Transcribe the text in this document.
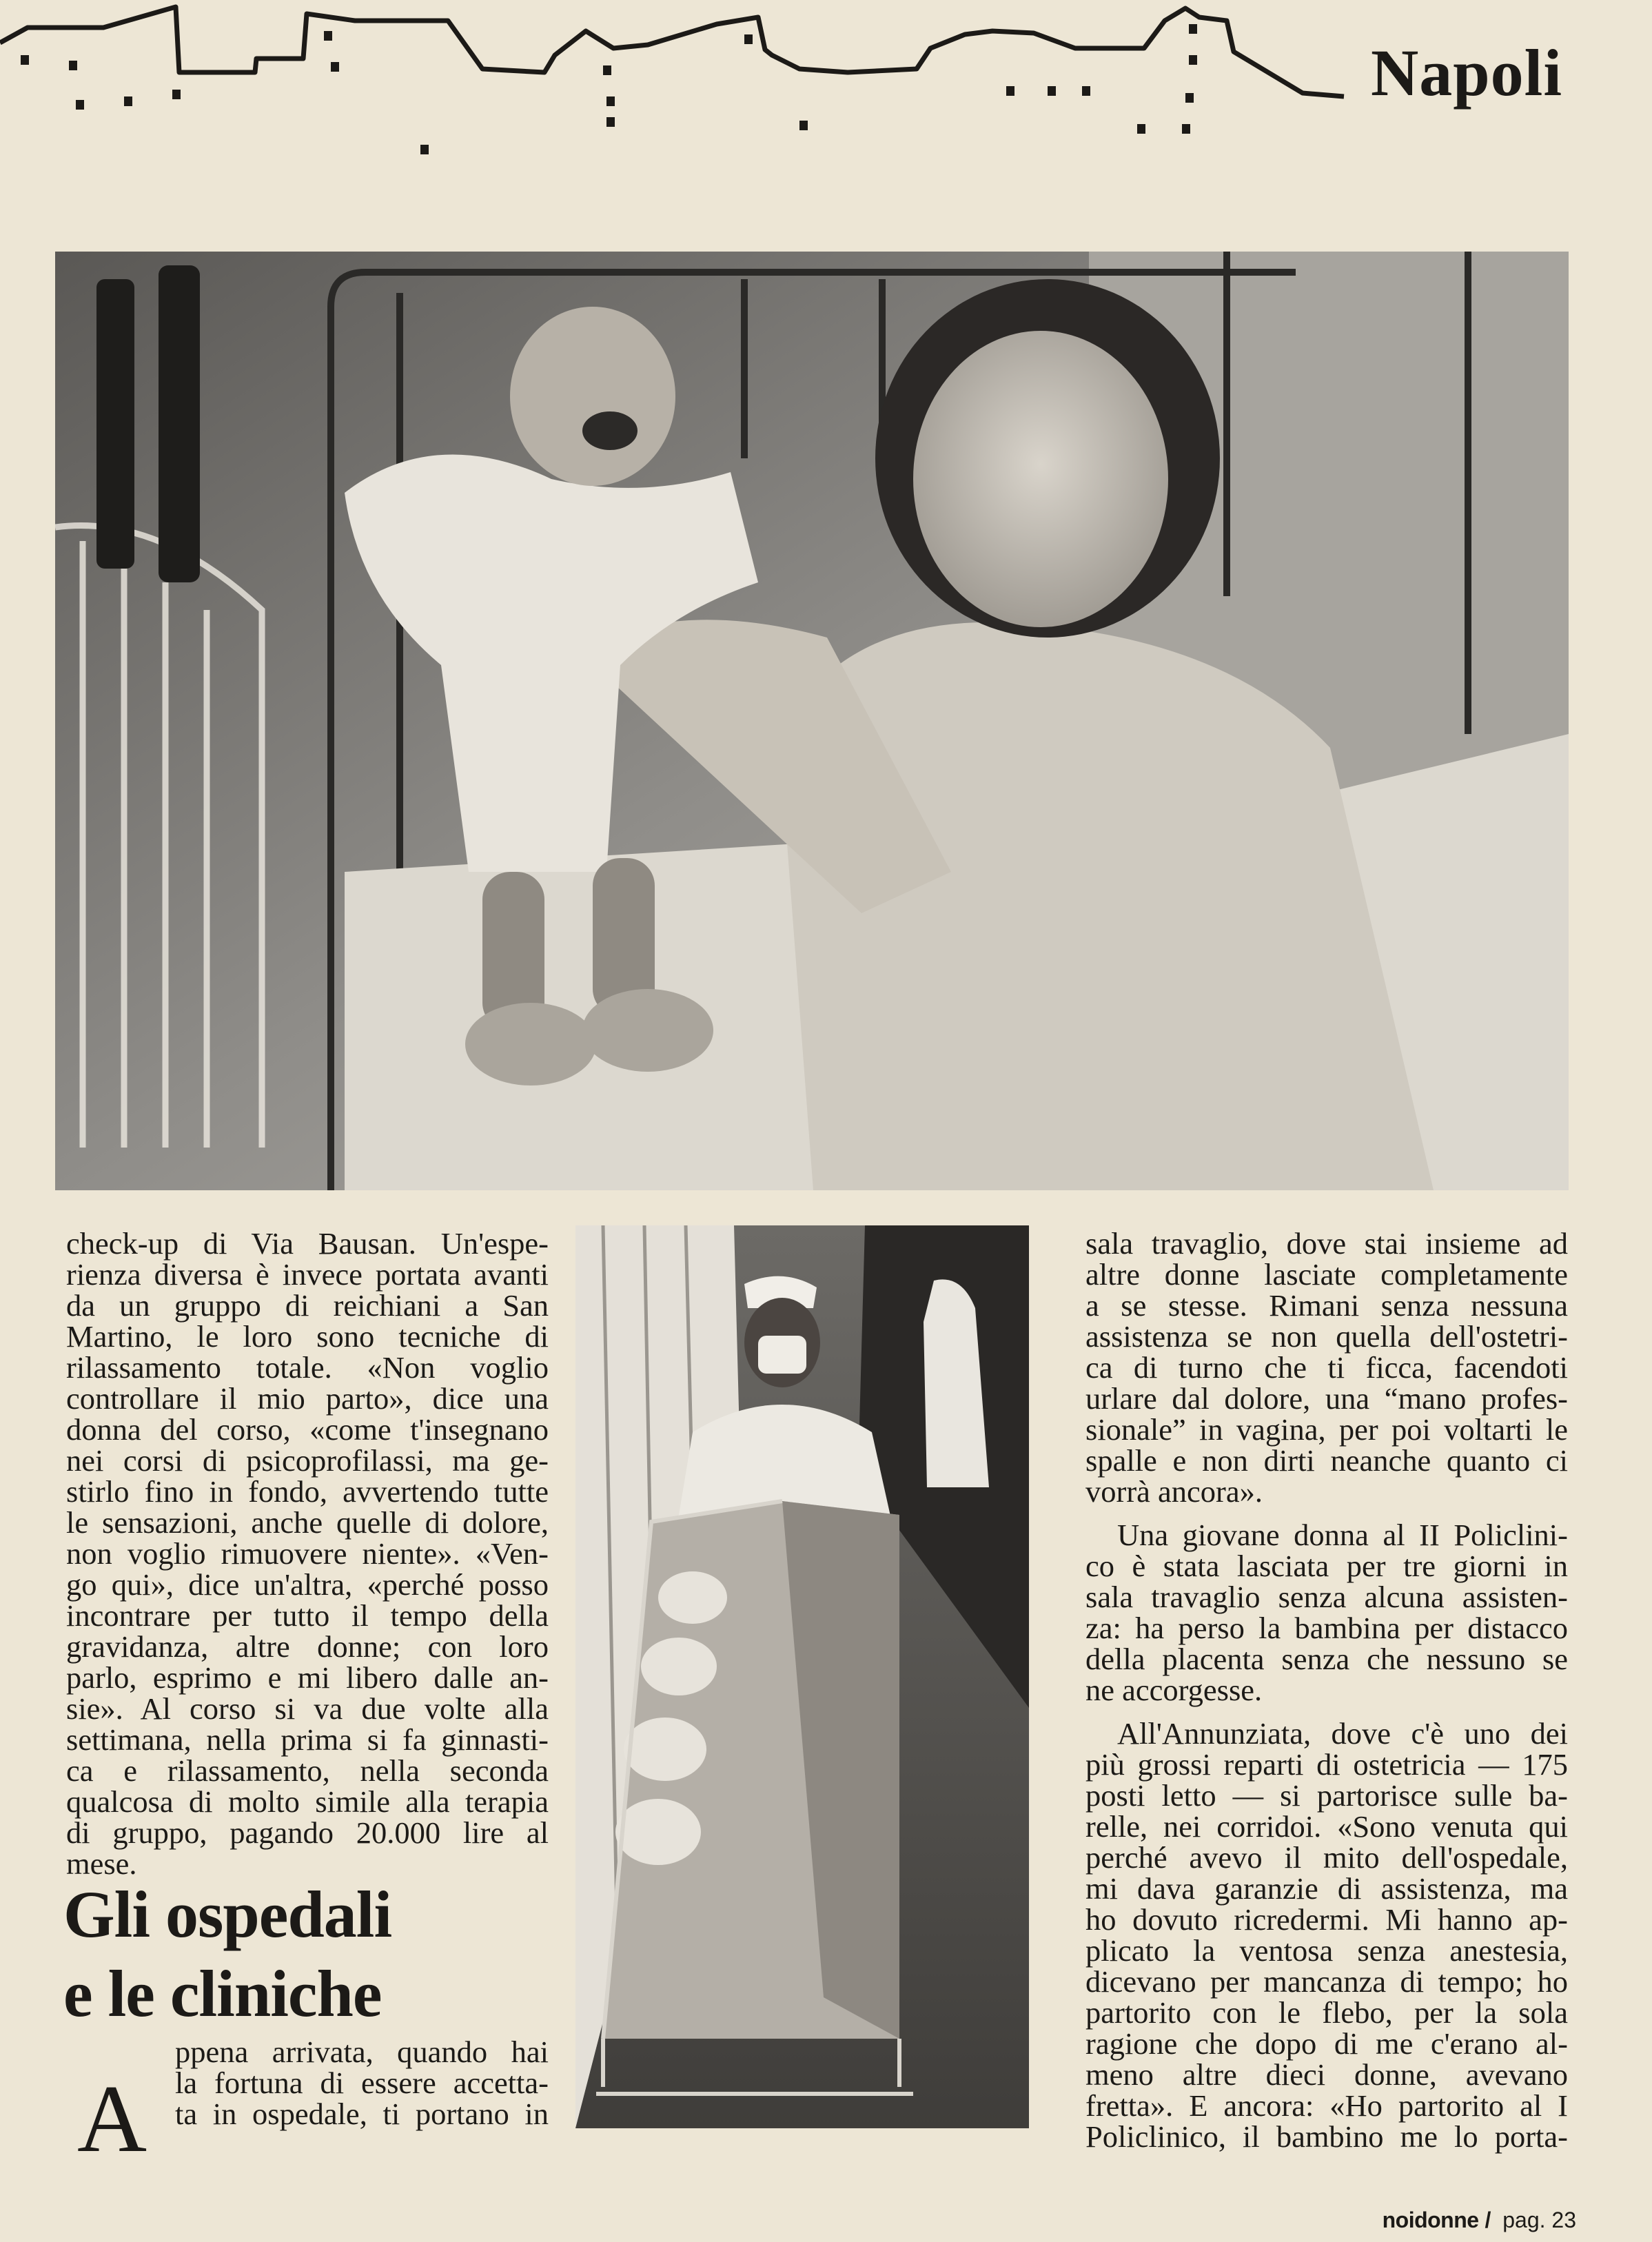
Napoli
check-up di Via Bausan. Un'espe-
rienza diversa è invece portata avanti
da un gruppo di reichiani a San
Martino, le loro sono tecniche di
rilassamento totale. «Non voglio
controllare il mio parto», dice una
donna del corso, «come t'insegnano
nei corsi di psicoprofilassi, ma ge-
stirlo fino in fondo, avvertendo tutte
le sensazioni, anche quelle di dolore,
non voglio rimuovere niente». «Ven-
go qui», dice un'altra, «perché posso
incontrare per tutto il tempo della
gravidanza, altre donne; con loro
parlo, esprimo e mi libero dalle an-
sie». Al corso si va due volte alla
settimana, nella prima si fa ginnasti-
ca e rilassamento, nella seconda
qualcosa di molto simile alla terapia
di gruppo, pagando 20.000 lire al
mese.
Gli ospedali
e le cliniche
A
ppena arrivata, quando hai
la fortuna di essere accetta-
ta in ospedale, ti portano in
sala travaglio, dove stai insieme ad
altre donne lasciate completamente
a se stesse. Rimani senza nessuna
assistenza se non quella dell'ostetri-
ca di turno che ti ficca, facendoti
urlare dal dolore, una “mano profes-
sionale” in vagina, per poi voltarti le
spalle e non dirti neanche quanto ci
vorrà ancora».
Una giovane donna al II Policlini-
co è stata lasciata per tre giorni in
sala travaglio senza alcuna assisten-
za: ha perso la bambina per distacco
della placenta senza che nessuno se
ne accorgesse.
All'Annunziata, dove c'è uno dei
più grossi reparti di ostetricia — 175
posti letto — si partorisce sulle ba-
relle, nei corridoi. «Sono venuta qui
perché avevo il mito dell'ospedale,
mi dava garanzie di assistenza, ma
ho dovuto ricredermi. Mi hanno ap-
plicato la ventosa senza anestesia,
dicevano per mancanza di tempo; ho
partorito con le flebo, per la sola
ragione che dopo di me c'erano al-
meno altre dieci donne, avevano
fretta». E ancora: «Ho partorito al I
Policlinico, il bambino me lo porta-
noidonne / pag. 23
